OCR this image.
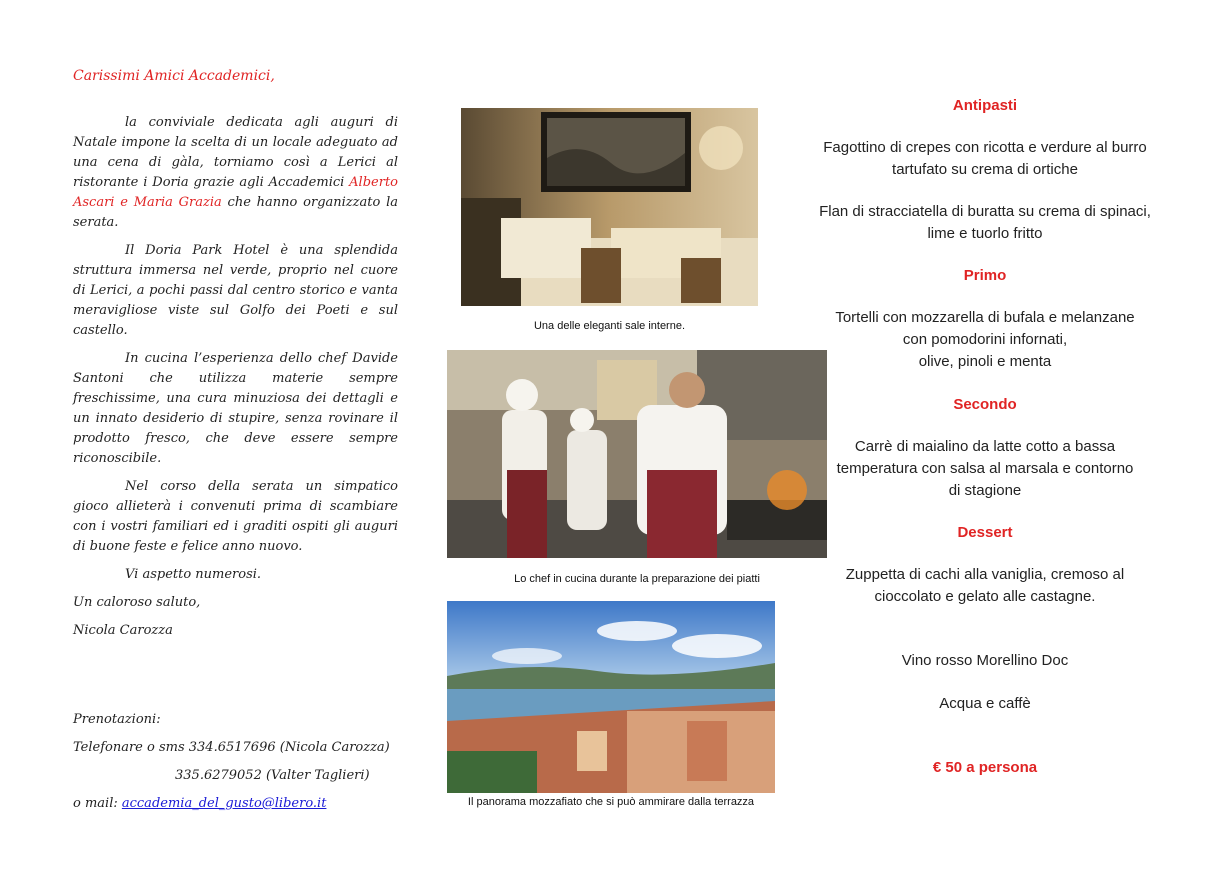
Carissimi Amici Accademici,

la conviviale dedicata agli auguri di Natale impone la scelta di un locale adeguato ad una cena di gàla, torniamo così a Lerici al ristorante i Doria grazie agli Accademici Alberto Ascari e Maria Grazia che hanno organizzato la serata.

Il Doria Park Hotel è una splendida struttura immersa nel verde, proprio nel cuore di Lerici, a pochi passi dal centro storico e vanta meravigliose viste sul Golfo dei Poeti e sul castello.

In cucina l’esperienza dello chef Davide Santoni che utilizza materie sempre freschissime, una cura minuziosa dei dettagli e un innato desiderio di stupire, senza rovinare il prodotto fresco, che deve essere sempre riconoscibile.

Nel corso della serata un simpatico gioco allieterà i convenuti prima di scambiare con i vostri familiari ed i graditi ospiti gli auguri di buone feste e felice anno nuovo.

Vi aspetto numerosi.

Un caloroso saluto,
Nicola Carozza
Prenotazioni:
Telefonare o sms 334.6517696 (Nicola Carozza)
335.6279052 (Valter Taglieri)
o mail: accademia_del_gusto@libero.it
Una delle eleganti sale interne.
Lo chef in cucina durante la preparazione dei piatti
Il panorama mozzafiato che si può ammirare dalla terrazza
Antipasti

Fagottino di crepes con ricotta e verdure al burro tartufato su crema di ortiche

Flan di stracciatella di buratta su crema di spinaci, lime e tuorlo fritto

Primo

Tortelli con mozzarella di bufala e melanzane

con pomodorini infornati,

olive, pinoli e menta

Secondo

Carrè di maialino da latte cotto a bassa temperatura con salsa al marsala e contorno di stagione

Dessert

Zuppetta di cachi alla vaniglia, cremoso al cioccolato e gelato alle castagne.

Vino rosso Morellino Doc

Acqua e caffè

€ 50 a persona
